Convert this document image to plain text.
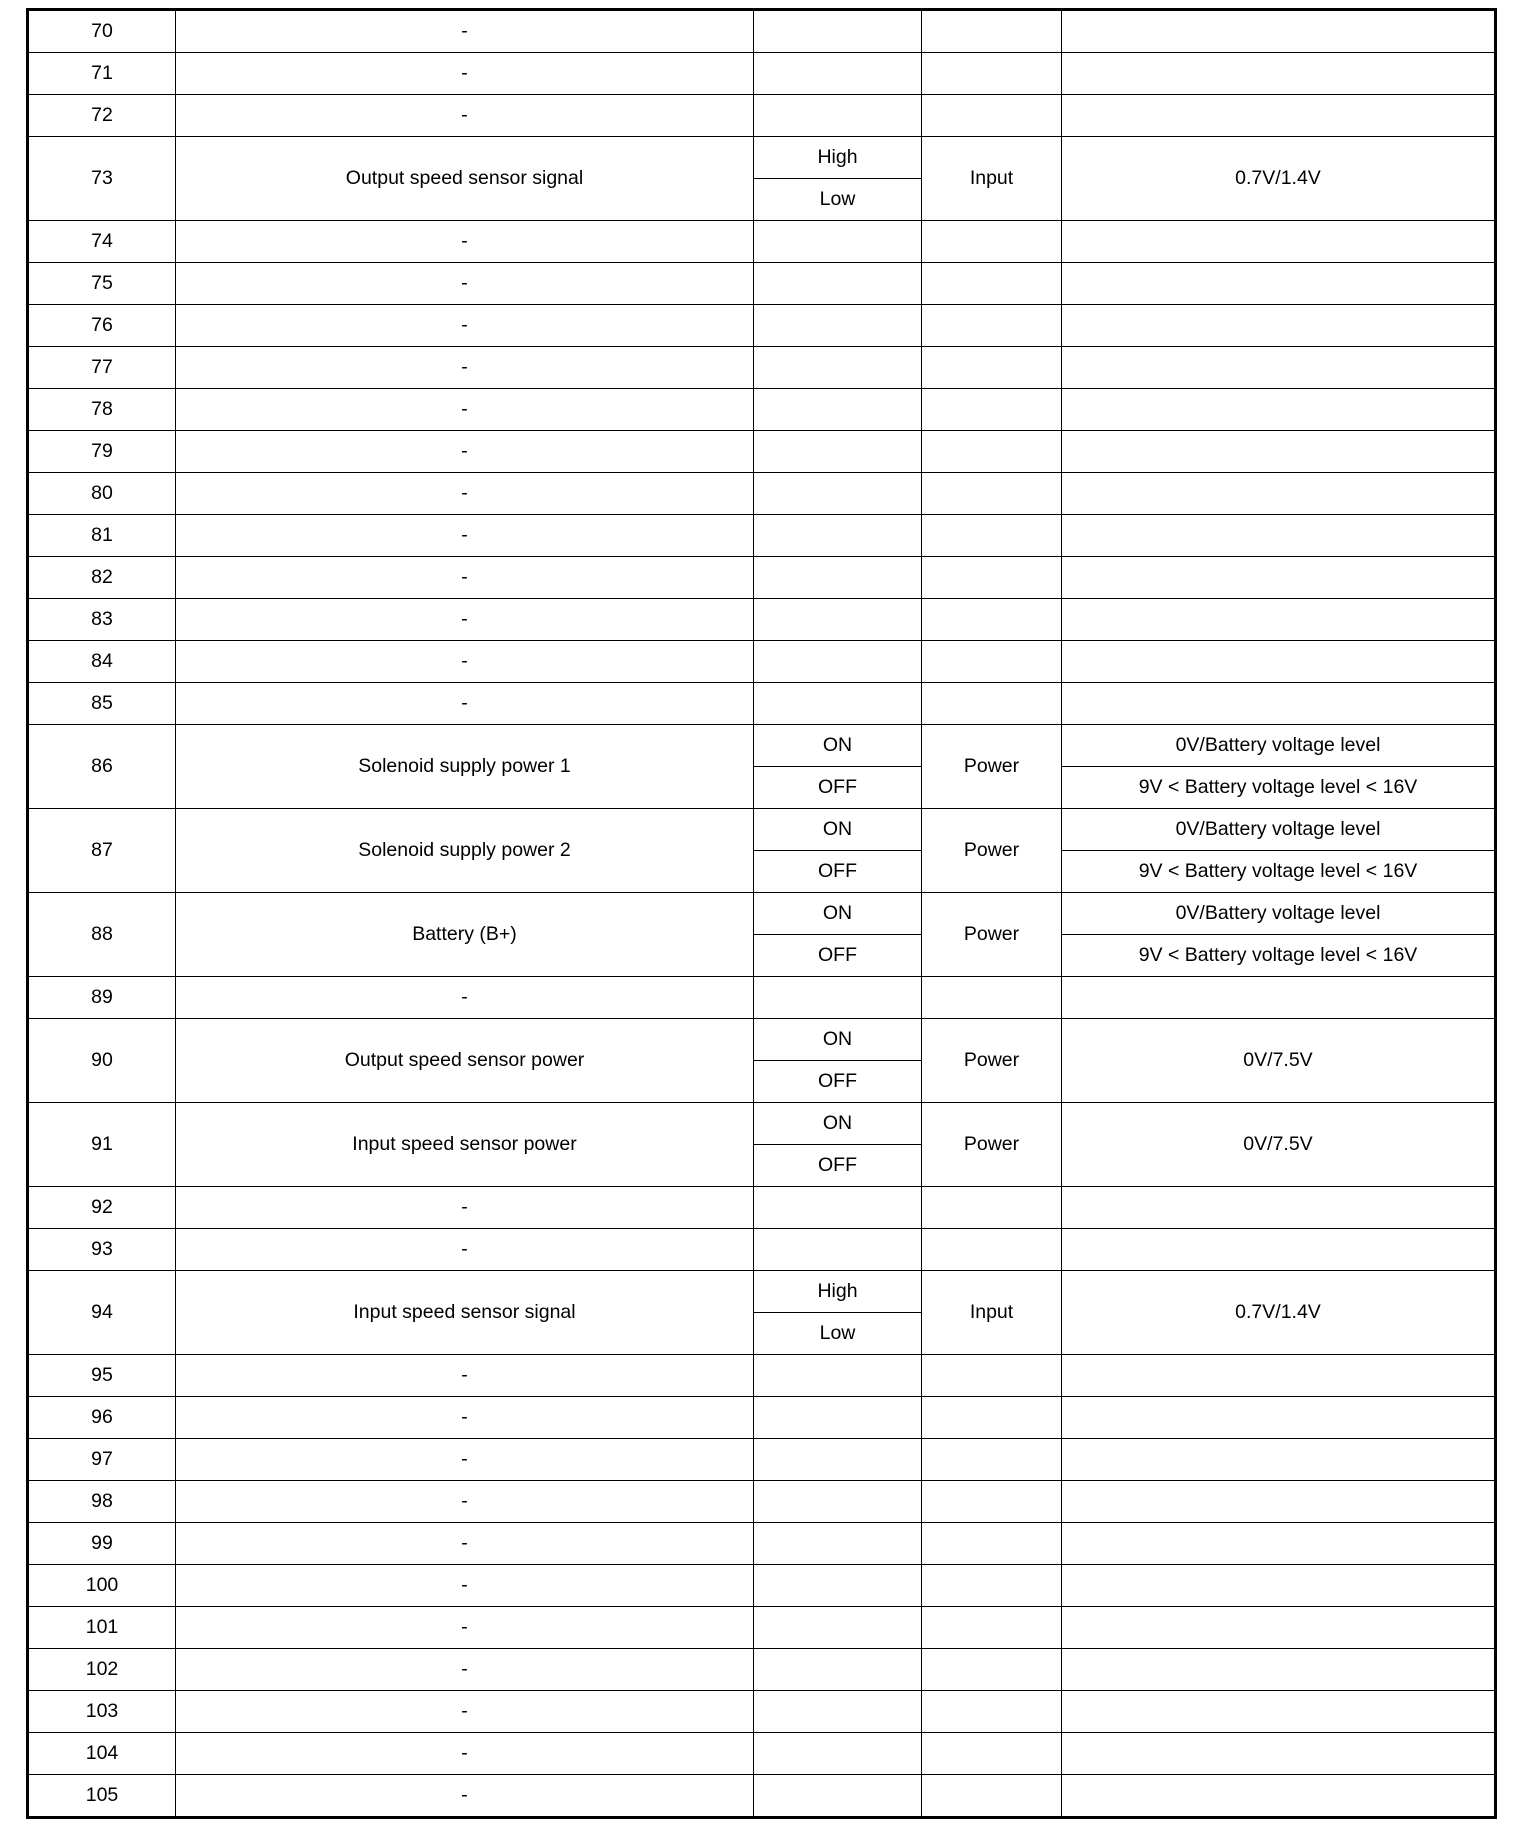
70	-			
71	-			
72	-			
73	Output speed sensor signal	High	Input	0.7V/1.4V
		Low		
74	-			
75	-			
76	-			
77	-			
78	-			
79	-			
80	-			
81	-			
82	-			
83	-			
84	-			
85	-			
86	Solenoid supply power 1	ON	Power	0V/Battery voltage level
		OFF		9V < Battery voltage level < 16V
87	Solenoid supply power 2	ON	Power	0V/Battery voltage level
		OFF		9V < Battery voltage level < 16V
88	Battery (B+)	ON	Power	0V/Battery voltage level
		OFF		9V < Battery voltage level < 16V
89	-			
90	Output speed sensor power	ON	Power	0V/7.5V
		OFF		
91	Input speed sensor power	ON	Power	0V/7.5V
		OFF		
92	-			
93	-			
94	Input speed sensor signal	High	Input	0.7V/1.4V
		Low		
95	-			
96	-			
97	-			
98	-			
99	-			
100	-			
101	-			
102	-			
103	-			
104	-			
105	-			
